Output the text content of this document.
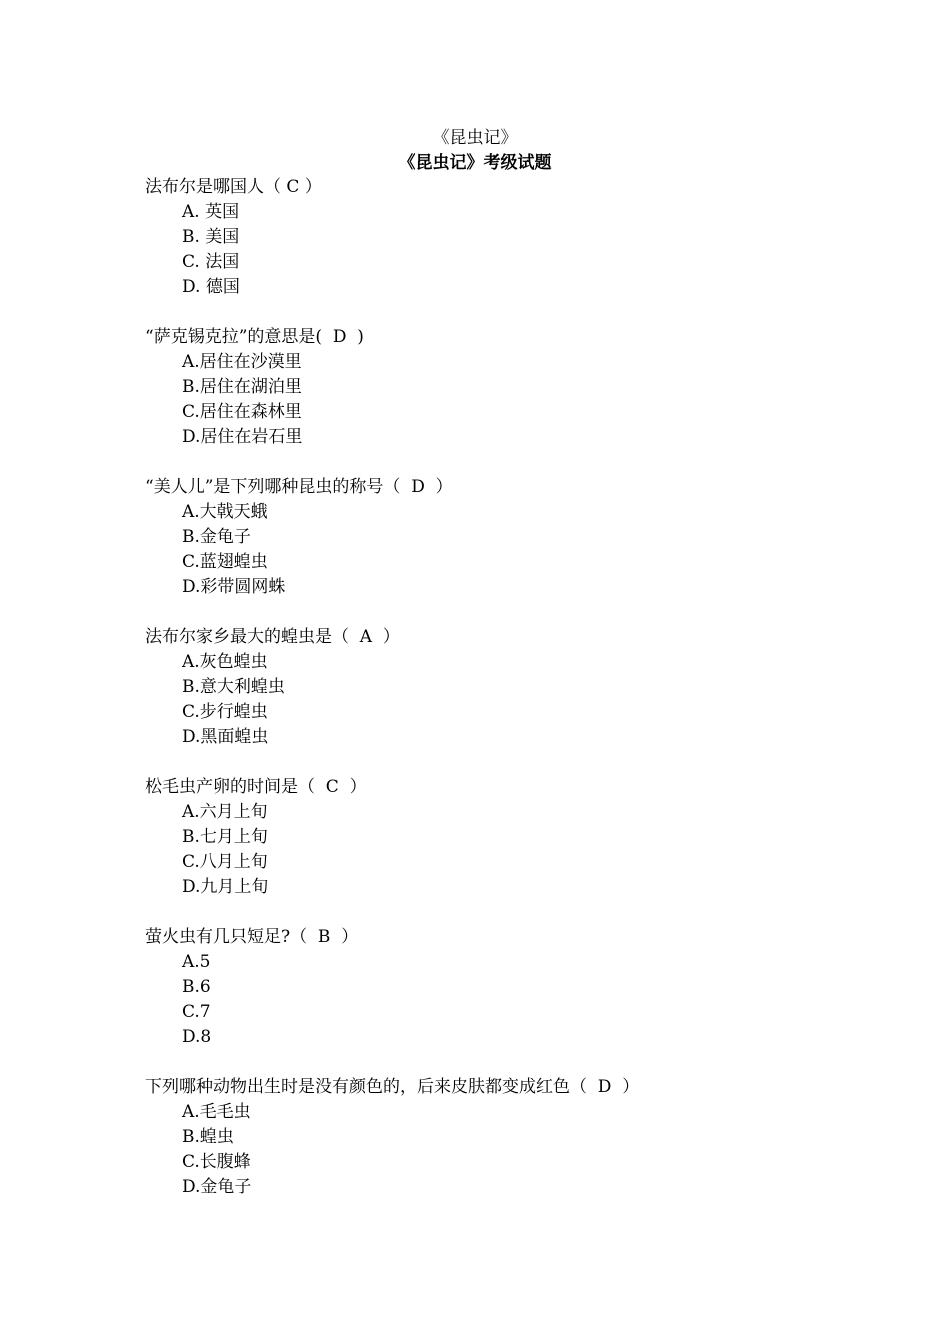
《昆虫记》
《昆虫记》考级试题
法布尔是哪国人（ C ）
A. 英国
B. 美国
C. 法国
D. 德国
“萨克锡克拉”的意思是(  D  )
A.居住在沙漠里
B.居住在湖泊里
C.居住在森林里
D.居住在岩石里
“美人儿”是下列哪种昆虫的称号（  D  ）
A.大戟天蛾
B.金龟子
C.蓝翅蝗虫
D.彩带圆网蛛
法布尔家乡最大的蝗虫是（  A  ）
A.灰色蝗虫
B.意大利蝗虫
C.步行蝗虫
D.黑面蝗虫
松毛虫产卵的时间是（  C  ）
A.六月上旬
B.七月上旬
C.八月上旬
D.九月上旬
萤火虫有几只短足?（  B  ）
A.5
B.6
C.7
D.8
下列哪种动物出生时是没有颜色的，后来皮肤都变成红色（  D  ）
A.毛毛虫
B.蝗虫
C.长腹蜂
D.金龟子
